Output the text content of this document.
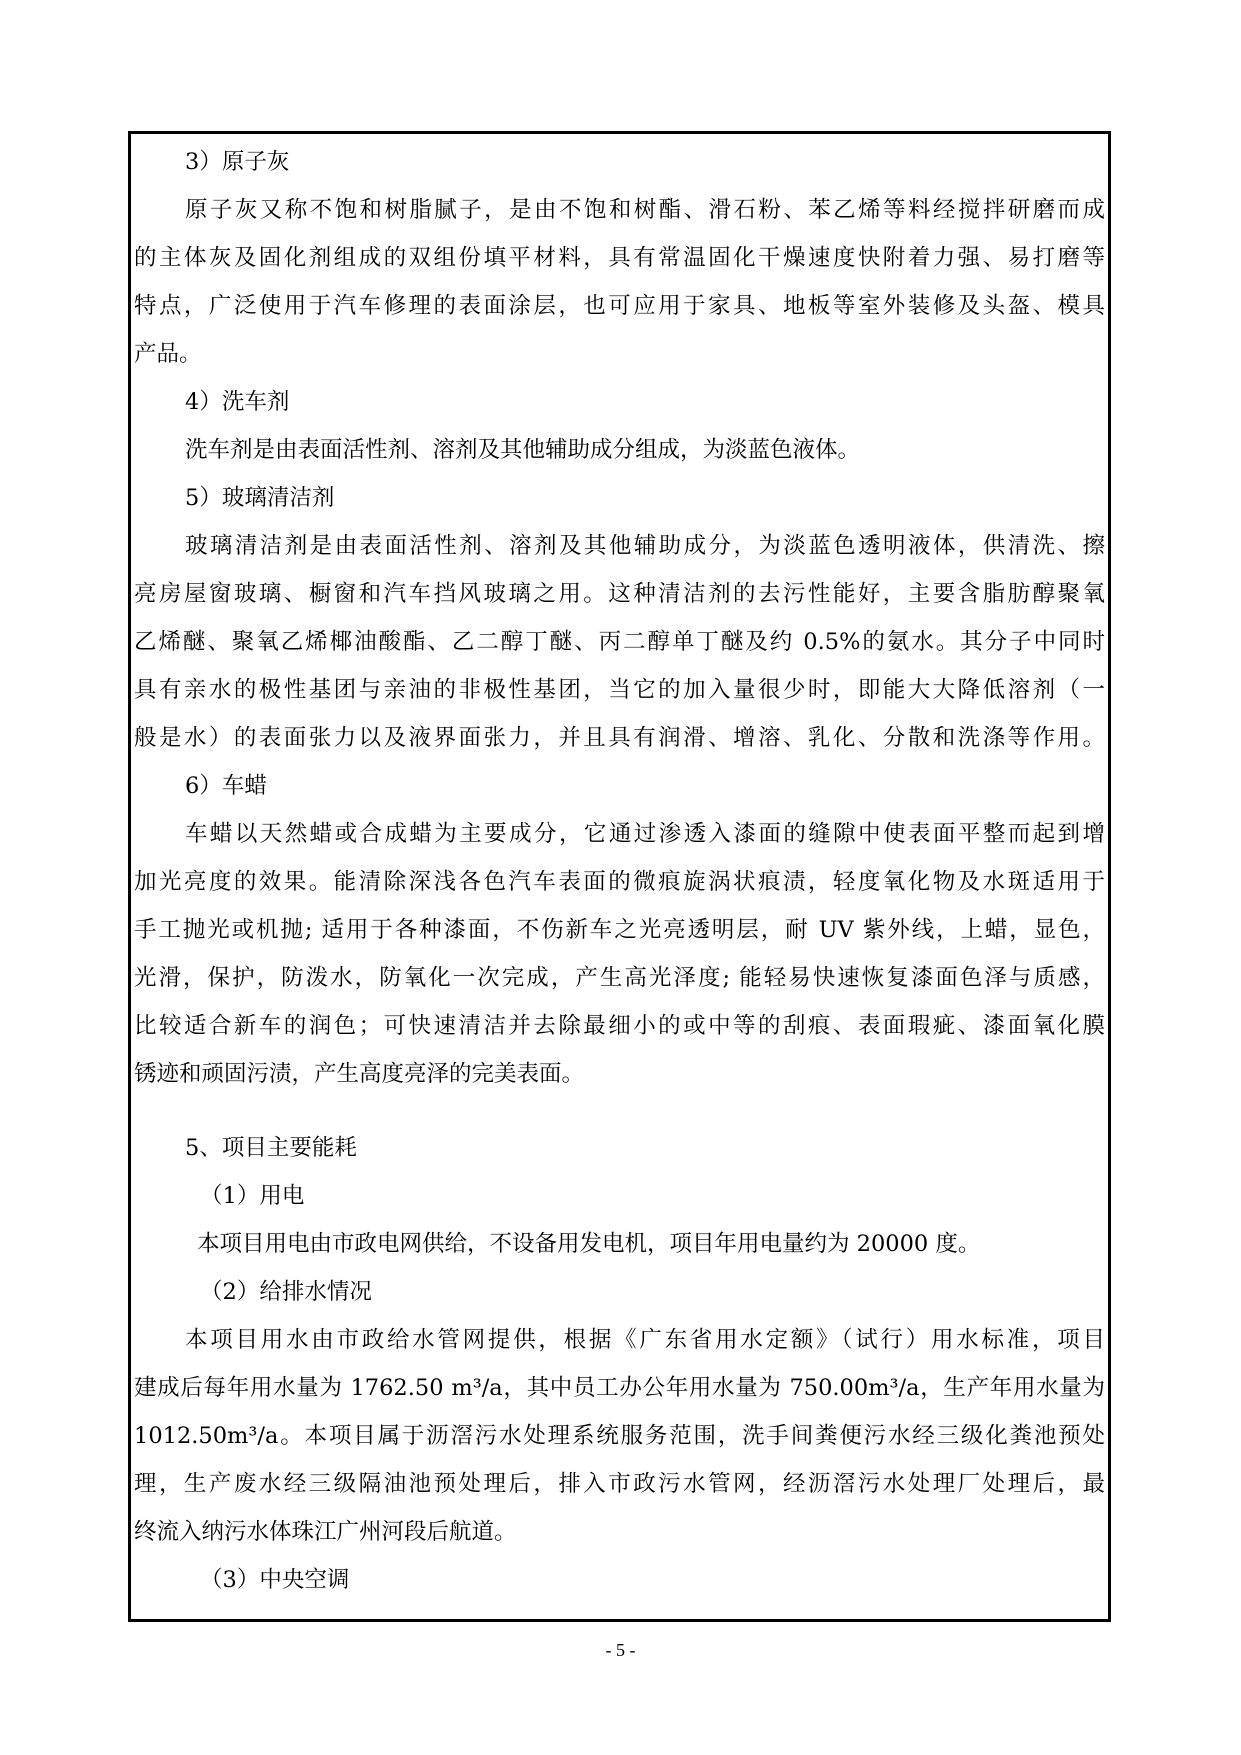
3）原子灰
原子灰又称不饱和树脂腻子，是由不饱和树酯、滑石粉、苯乙烯等料经搅拌研磨而成
的主体灰及固化剂组成的双组份填平材料，具有常温固化干燥速度快附着力强、易打磨等
特点，广泛使用于汽车修理的表面涂层，也可应用于家具、地板等室外装修及头盔、模具
产品。
4）洗车剂
洗车剂是由表面活性剂、溶剂及其他辅助成分组成，为淡蓝色液体。
5）玻璃清洁剂
玻璃清洁剂是由表面活性剂、溶剂及其他辅助成分，为淡蓝色透明液体，供清洗、擦
亮房屋窗玻璃、橱窗和汽车挡风玻璃之用。这种清洁剂的去污性能好，主要含脂肪醇聚氧
乙烯醚、聚氧乙烯椰油酸酯、乙二醇丁醚、丙二醇单丁醚及约 0.5%的氨水。其分子中同时
具有亲水的极性基团与亲油的非极性基团，当它的加入量很少时，即能大大降低溶剂（一
般是水）的表面张力以及液界面张力，并且具有润滑、增溶、乳化、分散和洗涤等作用。
6）车蜡
车蜡以天然蜡或合成蜡为主要成分，它通过渗透入漆面的缝隙中使表面平整而起到增
加光亮度的效果。能清除深浅各色汽车表面的微痕旋涡状痕渍，轻度氧化物及水斑适用于
手工抛光或机抛; 适用于各种漆面，不伤新车之光亮透明层，耐 UV 紫外线，上蜡，显色，
光滑，保护，防泼水，防氧化一次完成，产生高光泽度; 能轻易快速恢复漆面色泽与质感，
比较适合新车的润色；可快速清洁并去除最细小的或中等的刮痕、表面瑕疵、漆面氧化膜
锈迹和顽固污渍，产生高度亮泽的完美表面。
5、项目主要能耗
（1）用电
本项目用电由市政电网供给，不设备用发电机，项目年用电量约为 20000 度。
（2）给排水情况
本项目用水由市政给水管网提供，根据《广东省用水定额》（试行）用水标准，项目
建成后每年用水量为 1762.50 m³/a，其中员工办公年用水量为 750.00m³/a，生产年用水量为
1012.50m³/a。本项目属于沥滘污水处理系统服务范围，洗手间粪便污水经三级化粪池预处
理，生产废水经三级隔油池预处理后，排入市政污水管网，经沥滘污水处理厂处理后，最
终流入纳污水体珠江广州河段后航道。
（3）中央空调
- 5 -
